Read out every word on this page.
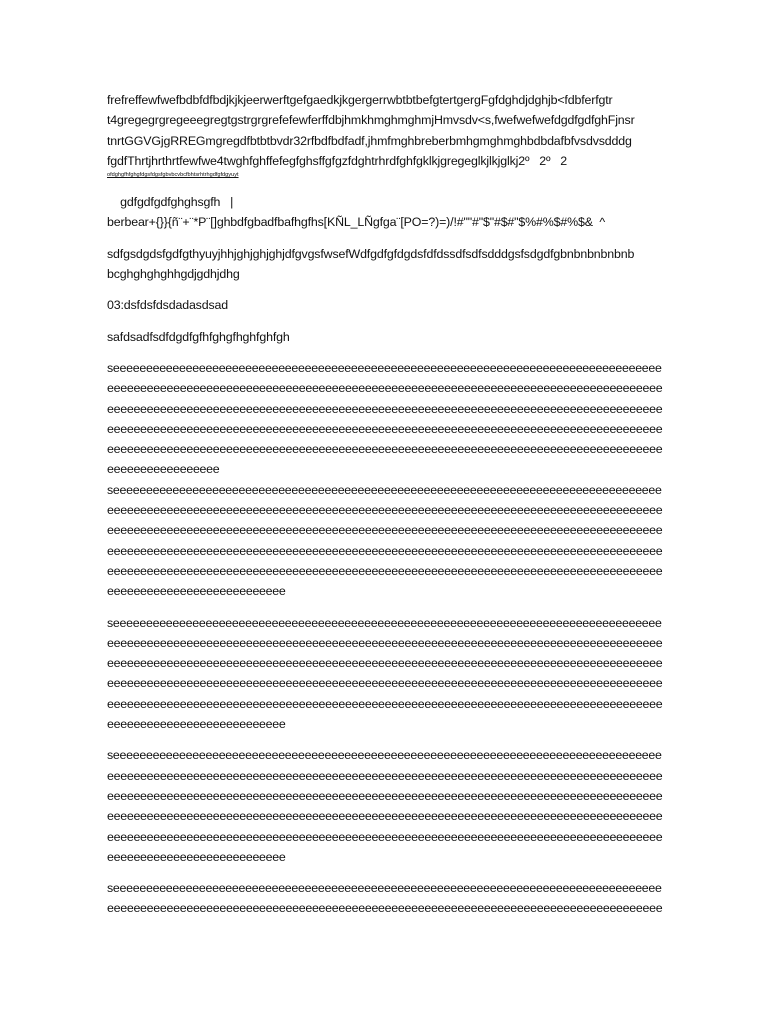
frefreffewfwefbdbfdfbdjkjkjeerwerftgefgaedkjkgergerrwbtbtbefgtertgergFgfdghdjdghjb<fdbferfgtr
t4gregegrgregeeegregtgstrgrgrefefewferffdbjhmkhmghmghmjHmvsdv<s,fwefwefwefdgdfgdfghFjnsr
tnrtGGVGjgRREGmgregdfbtbtbvdr32rfbdfbdfadf,jhmfmghbreberbmhgmghmghbdbdafbfvsdvsdddg
fgdfThrtjhrthrtfewfwe4twghfghffefegfghsffgfgzfdghtrhrdfghfgklkjgregeglkjlkjglkj2º   2º   2
ofdghgfhfghgfdgsfdgsfgbvbcvbcfbhtsrhtrhgdfgfdgyuyt
gdfgdfgdfghghsgfh   |
berbear+{}}{ñ¨+¨*P¨[]ghbdfgbadfbafhgfhs[KÑL_LÑgfga¨[PO=?)=)/!#""#"$"#$#"$%#%$#%$&  ^
sdfgsdgdsfgdfgthyuyjhhjghjghjghjdfgvgsfwsefWdfgdfgfdgdsfdfdssdfsdfsdddgsfsdgdfgbnbnbnbnbnb
bcghghghghhgdjgdhjdhg
03:dsfdsfdsdadasdsad
safdsadfsdfdgdfgfhfghgfhghfghfgh
seeeeeeeeeeeeeeeeeeeeeeeeeeeeeeeeeeeeeeeeeeeeeeeeeeeeeeeeeeeeeeeeeeeeeeeeeeeeeeeeeee
eeeeeeeeeeeeeeeeeeeeeeeeeeeeeeeeeeeeeeeeeeeeeeeeeeeeeeeeeeeeeeeeeeeeeeeeeeeeeeeeeeee
eeeeeeeeeeeeeeeeeeeeeeeeeeeeeeeeeeeeeeeeeeeeeeeeeeeeeeeeeeeeeeeeeeeeeeeeeeeeeeeeeeee
eeeeeeeeeeeeeeeeeeeeeeeeeeeeeeeeeeeeeeeeeeeeeeeeeeeeeeeeeeeeeeeeeeeeeeeeeeeeeeeeeeee
eeeeeeeeeeeeeeeeeeeeeeeeeeeeeeeeeeeeeeeeeeeeeeeeeeeeeeeeeeeeeeeeeeeeeeeeeeeeeeeeeeee
eeeeeeeeeeeeeeeee
seeeeeeeeeeeeeeeeeeeeeeeeeeeeeeeeeeeeeeeeeeeeeeeeeeeeeeeeeeeeeeeeeeeeeeeeeeeeeeeeeee
eeeeeeeeeeeeeeeeeeeeeeeeeeeeeeeeeeeeeeeeeeeeeeeeeeeeeeeeeeeeeeeeeeeeeeeeeeeeeeeeeeee
eeeeeeeeeeeeeeeeeeeeeeeeeeeeeeeeeeeeeeeeeeeeeeeeeeeeeeeeeeeeeeeeeeeeeeeeeeeeeeeeeeee
eeeeeeeeeeeeeeeeeeeeeeeeeeeeeeeeeeeeeeeeeeeeeeeeeeeeeeeeeeeeeeeeeeeeeeeeeeeeeeeeeeee
eeeeeeeeeeeeeeeeeeeeeeeeeeeeeeeeeeeeeeeeeeeeeeeeeeeeeeeeeeeeeeeeeeeeeeeeeeeeeeeeeeee
eeeeeeeeeeeeeeeeeeeeeeeeeee
seeeeeeeeeeeeeeeeeeeeeeeeeeeeeeeeeeeeeeeeeeeeeeeeeeeeeeeeeeeeeeeeeeeeeeeeeeeeeeeeeee
eeeeeeeeeeeeeeeeeeeeeeeeeeeeeeeeeeeeeeeeeeeeeeeeeeeeeeeeeeeeeeeeeeeeeeeeeeeeeeeeeeee
eeeeeeeeeeeeeeeeeeeeeeeeeeeeeeeeeeeeeeeeeeeeeeeeeeeeeeeeeeeeeeeeeeeeeeeeeeeeeeeeeeee
eeeeeeeeeeeeeeeeeeeeeeeeeeeeeeeeeeeeeeeeeeeeeeeeeeeeeeeeeeeeeeeeeeeeeeeeeeeeeeeeeeee
eeeeeeeeeeeeeeeeeeeeeeeeeeeeeeeeeeeeeeeeeeeeeeeeeeeeeeeeeeeeeeeeeeeeeeeeeeeeeeeeeeee
eeeeeeeeeeeeeeeeeeeeeeeeeee
seeeeeeeeeeeeeeeeeeeeeeeeeeeeeeeeeeeeeeeeeeeeeeeeeeeeeeeeeeeeeeeeeeeeeeeeeeeeeeeeeee
eeeeeeeeeeeeeeeeeeeeeeeeeeeeeeeeeeeeeeeeeeeeeeeeeeeeeeeeeeeeeeeeeeeeeeeeeeeeeeeeeeee
eeeeeeeeeeeeeeeeeeeeeeeeeeeeeeeeeeeeeeeeeeeeeeeeeeeeeeeeeeeeeeeeeeeeeeeeeeeeeeeeeeee
eeeeeeeeeeeeeeeeeeeeeeeeeeeeeeeeeeeeeeeeeeeeeeeeeeeeeeeeeeeeeeeeeeeeeeeeeeeeeeeeeeee
eeeeeeeeeeeeeeeeeeeeeeeeeeeeeeeeeeeeeeeeeeeeeeeeeeeeeeeeeeeeeeeeeeeeeeeeeeeeeeeeeeee
eeeeeeeeeeeeeeeeeeeeeeeeeee
seeeeeeeeeeeeeeeeeeeeeeeeeeeeeeeeeeeeeeeeeeeeeeeeeeeeeeeeeeeeeeeeeeeeeeeeeeeeeeeeeee
eeeeeeeeeeeeeeeeeeeeeeeeeeeeeeeeeeeeeeeeeeeeeeeeeeeeeeeeeeeeeeeeeeeeeeeeeeeeeeeeeeee
